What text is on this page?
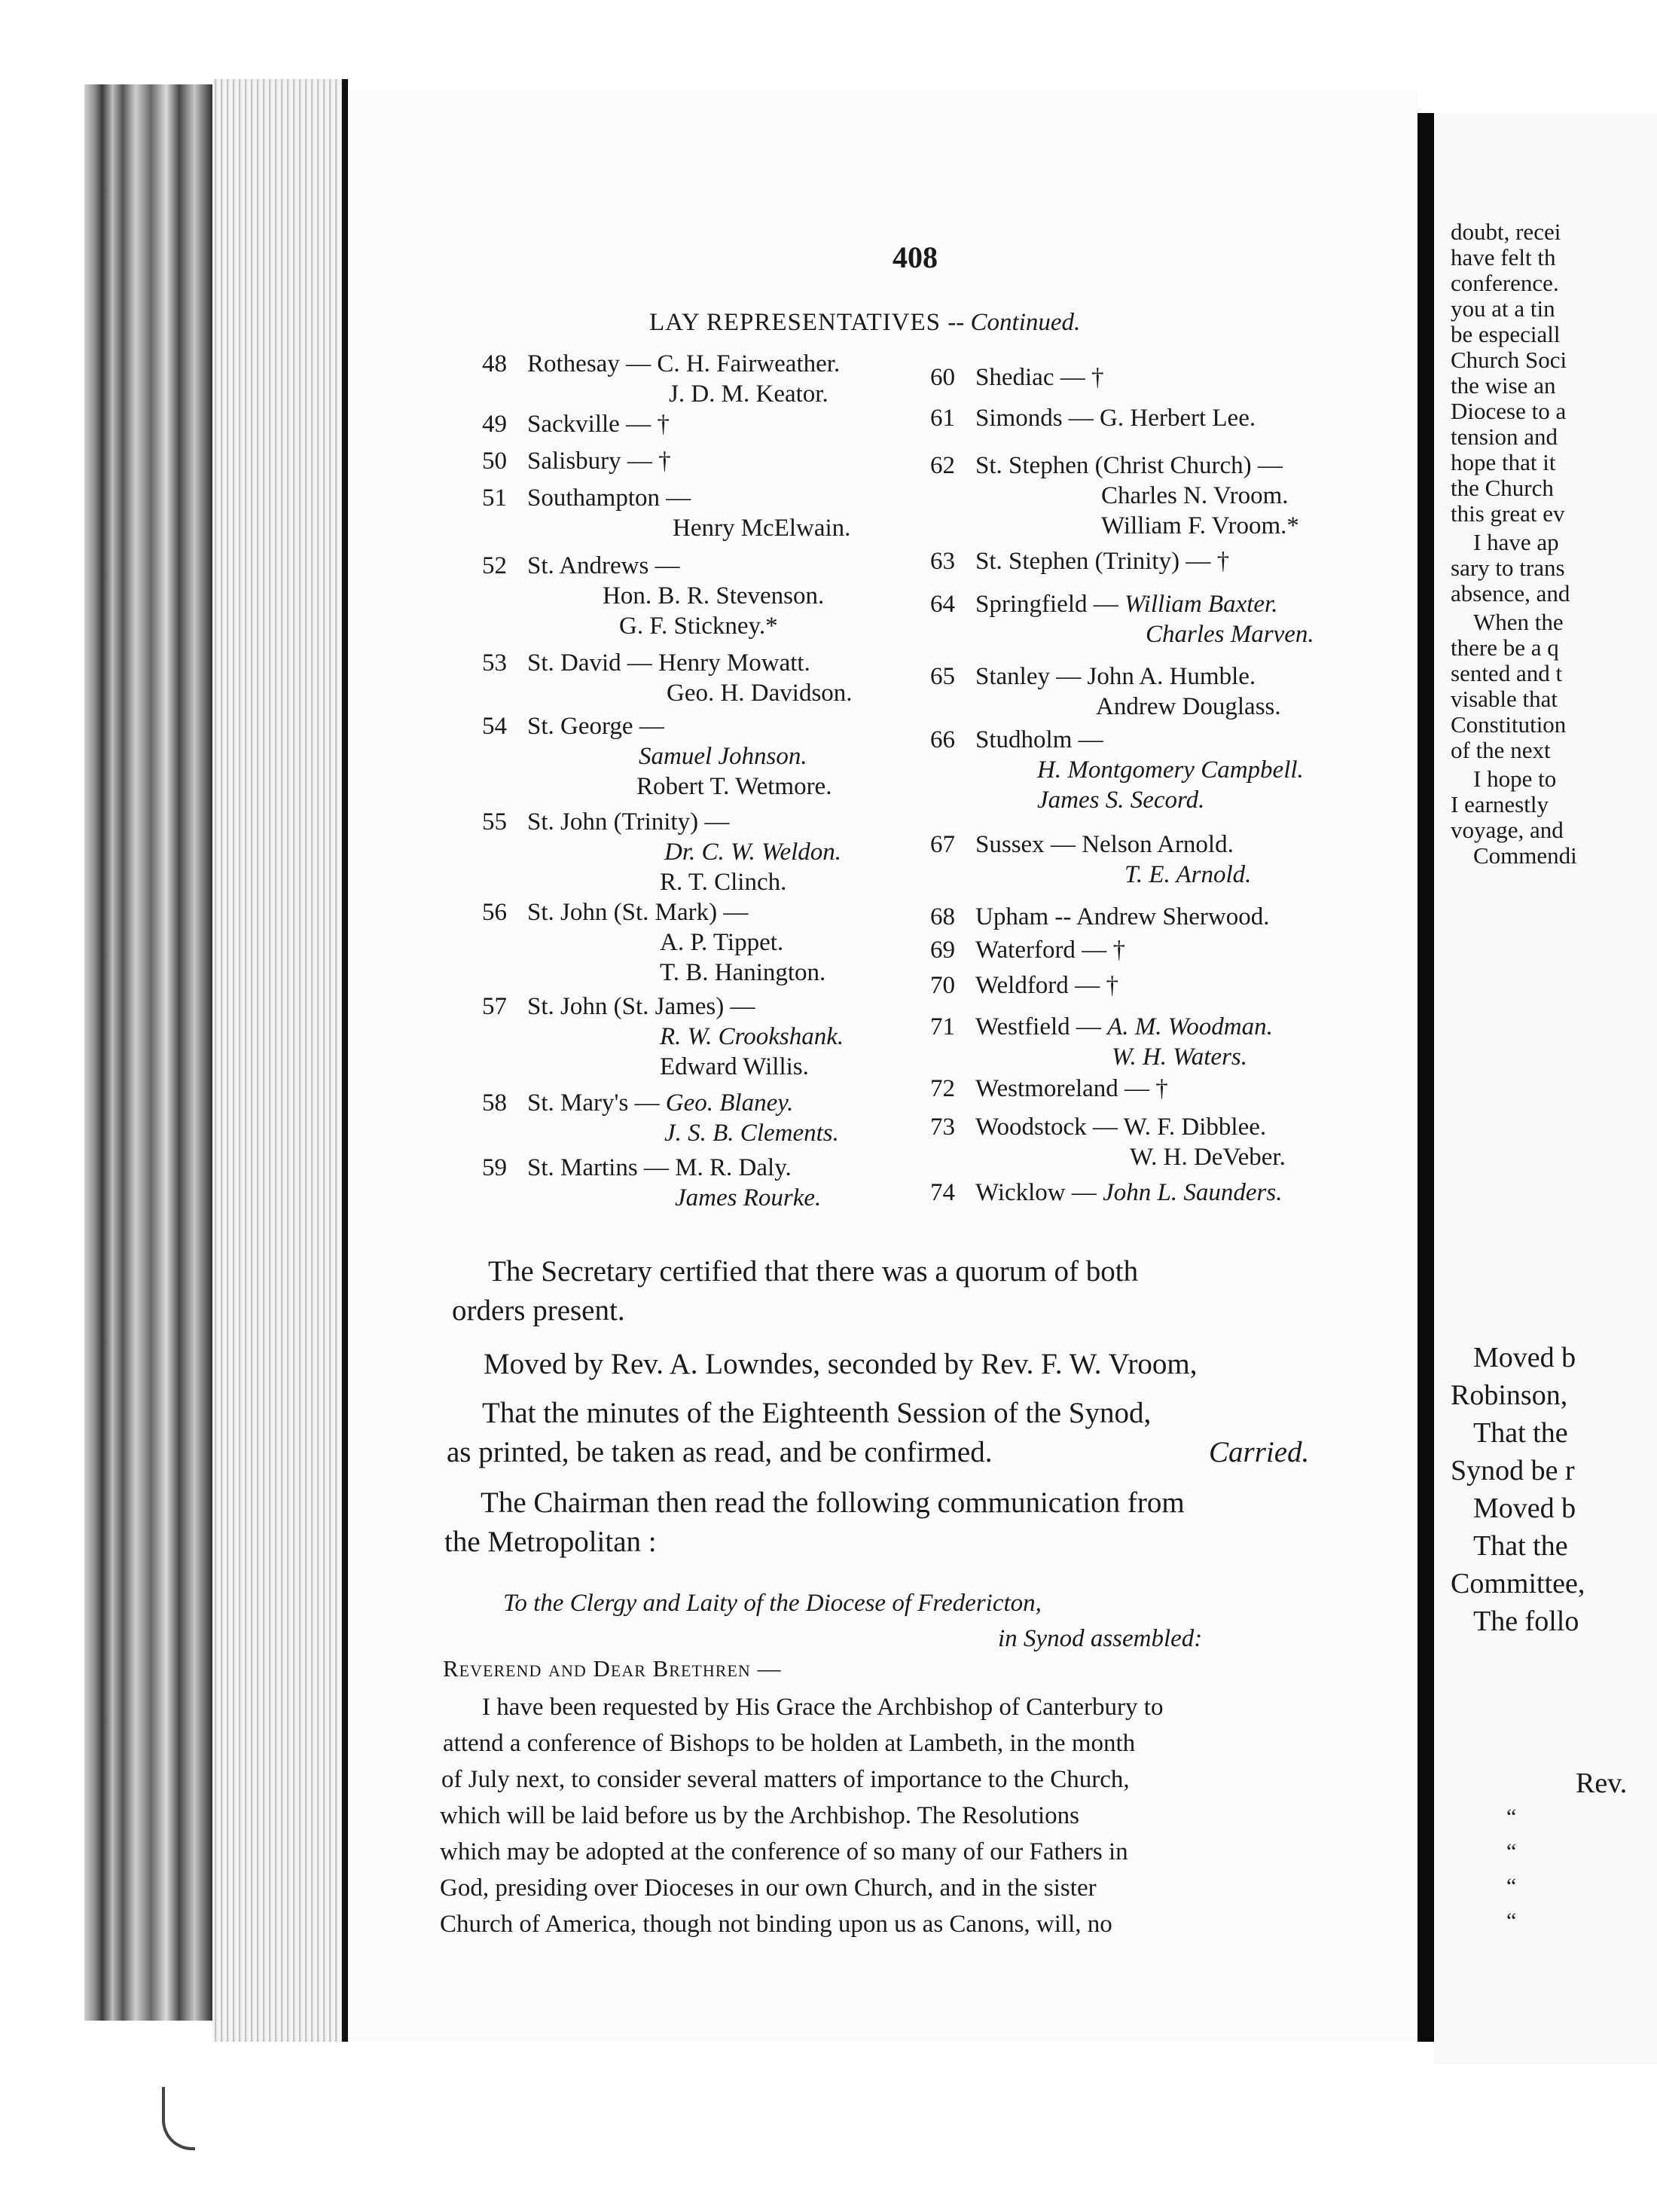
doubt, recei
have felt th
conference.
you at a tin
be especiall
Church Soci
the wise an
Diocese to a
tension and
hope that it
the Church
this great ev
I have ap
sary to trans
absence, and
When the
there be a q
sented and t
visable that
Constitution
of the next
I hope to
I earnestly
voyage, and
Commendi
Moved b
Robinson,
That the
Synod be r
Moved b
That the
Committee,
The follo
Rev.
“
“
“
“
408
LAY REPRESENTATIVES -- Continued.
J. D. M. Keator.
48 Rothesay — C. H. Fairweather.
49 Sackville — †
50 Salisbury — †
Henry McElwain.
51 Southampton —
Hon. B. R. Stevenson.
G. F. Stickney.*
52 St. Andrews —
Geo. H. Davidson.
53 St. David — Henry Mowatt.
Samuel Johnson.
Robert T. Wetmore.
54 St. George —
Dr. C. W. Weldon.
R. T. Clinch.
55 St. John (Trinity) —
A. P. Tippet.
T. B. Hanington.
56 St. John (St. Mark) —
R. W. Crookshank.
Edward Willis.
57 St. John (St. James) —
J. S. B. Clements.
58 St. Mary's — Geo. Blaney.
James Rourke.
59 St. Martins — M. R. Daly.
60 Shediac — †
61 Simonds — G. Herbert Lee.
Charles N. Vroom.
William F. Vroom.*
62 St. Stephen (Christ Church) —
63 St. Stephen (Trinity) — †
Charles Marven.
64 Springfield — William Baxter.
Andrew Douglass.
65 Stanley — John A. Humble.
H. Montgomery Campbell.
James S. Secord.
66 Studholm —
T. E. Arnold.
67 Sussex — Nelson Arnold.
68 Upham -- Andrew Sherwood.
69 Waterford — †
70 Weldford — †
W. H. Waters.
71 Westfield — A. M. Woodman.
72 Westmoreland — †
W. H. DeVeber.
73 Woodstock — W. F. Dibblee.
74 Wicklow — John L. Saunders.
The Secretary certified that there was a quorum of both
orders present.
Moved by Rev. A. Lowndes, seconded by Rev. F. W. Vroom,
That the minutes of the Eighteenth Session of the Synod,
as printed, be taken as read, and be confirmed.	Carried.
The Chairman then read the following communication from
the Metropolitan :
To the Clergy and Laity of the Diocese of Fredericton,
in Synod assembled:
Reverend and Dear Brethren —
I have been requested by His Grace the Archbishop of Canterbury to
attend a conference of Bishops to be holden at Lambeth, in the month
of July next, to consider several matters of importance to the Church,
which will be laid before us by the Archbishop. The Resolutions
which may be adopted at the conference of so many of our Fathers in
God, presiding over Dioceses in our own Church, and in the sister
Church of America, though not binding upon us as Canons, will, no
